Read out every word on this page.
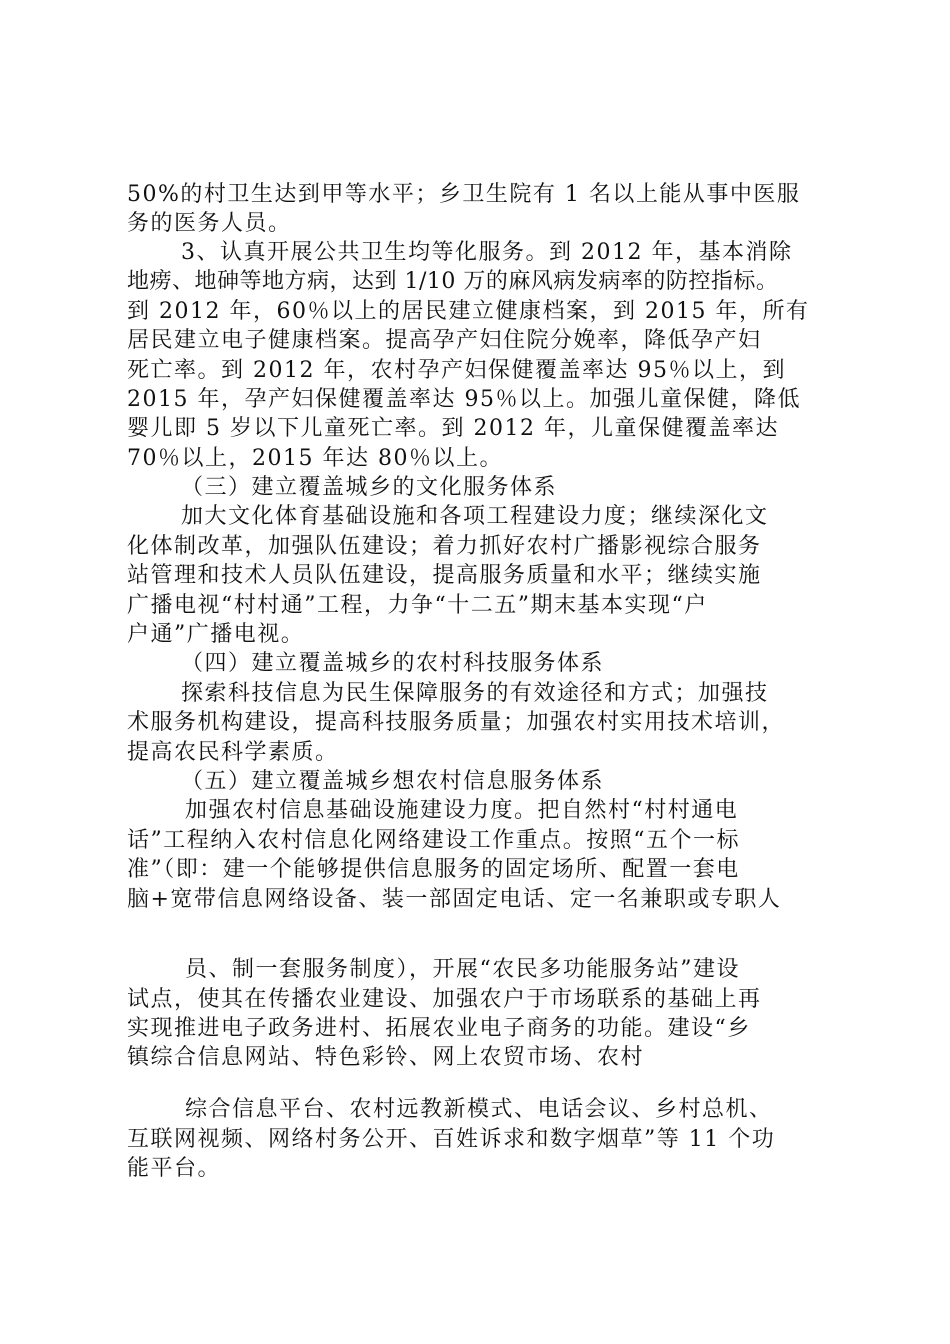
50%的村卫生达到甲等水平；乡卫生院有 1 名以上能从事中医服
务的医务人员。
3、认真开展公共卫生均等化服务。到 2012 年，基本消除
地痨、地砷等地方病，达到 1/10 万的麻风病发病率的防控指标。
到 2012 年，60％以上的居民建立健康档案，到 2015 年，所有
居民建立电子健康档案。提高孕产妇住院分娩率，降低孕产妇
死亡率。到 2012 年，农村孕产妇保健覆盖率达 95％以上，到
2015 年，孕产妇保健覆盖率达 95％以上。加强儿童保健，降低
婴儿即 5 岁以下儿童死亡率。到 2012 年，儿童保健覆盖率达
70％以上，2015 年达 80％以上。
（三）建立覆盖城乡的文化服务体系
加大文化体育基础设施和各项工程建设力度；继续深化文
化体制改革，加强队伍建设；着力抓好农村广播影视综合服务
站管理和技术人员队伍建设，提高服务质量和水平；继续实施
广播电视“村村通”工程，力争“十二五”期末基本实现“户
户通”广播电视。
（四）建立覆盖城乡的农村科技服务体系
探索科技信息为民生保障服务的有效途径和方式；加强技
术服务机构建设，提高科技服务质量；加强农村实用技术培训，
提高农民科学素质。
（五）建立覆盖城乡想农村信息服务体系
加强农村信息基础设施建设力度。把自然村“村村通电
话”工程纳入农村信息化网络建设工作重点。按照“五个一标
准”（即：建一个能够提供信息服务的固定场所、配置一套电
脑+宽带信息网络设备、装一部固定电话、定一名兼职或专职人
员、制一套服务制度），开展“农民多功能服务站”建设
试点，使其在传播农业建设、加强农户于市场联系的基础上再
实现推进电子政务进村、拓展农业电子商务的功能。建设“乡
镇综合信息网站、特色彩铃、网上农贸市场、农村
综合信息平台、农村远教新模式、电话会议、乡村总机、
互联网视频、网络村务公开、百姓诉求和数字烟草”等 11 个功
能平台。
